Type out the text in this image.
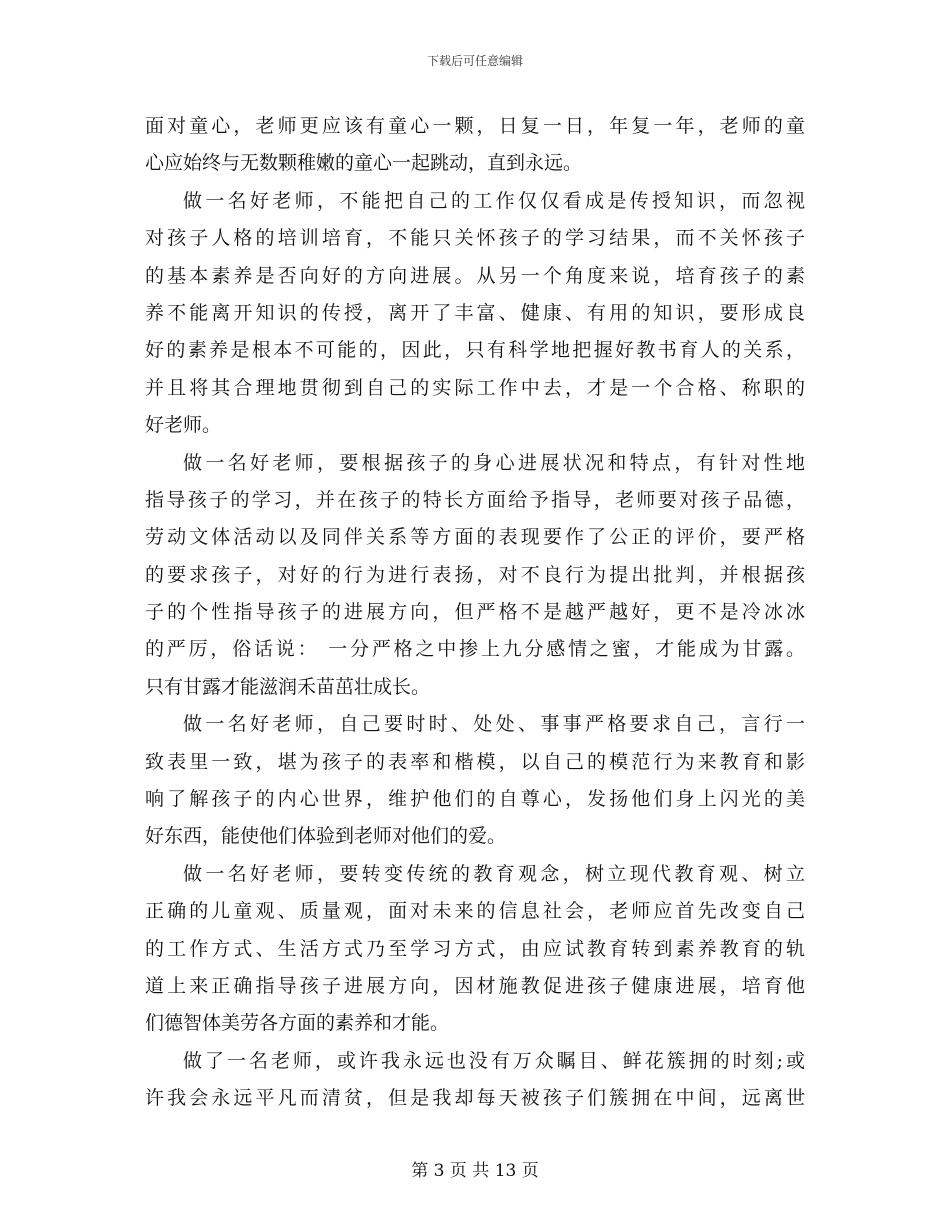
下载后可任意编辑
面对童心，老师更应该有童心一颗，日复一日，年复一年，老师的童
心应始终与无数颗稚嫩的童心一起跳动，直到永远。
做一名好老师，不能把自己的工作仅仅看成是传授知识，而忽视
对孩子人格的培训培育，不能只关怀孩子的学习结果，而不关怀孩子
的基本素养是否向好的方向进展。从另一个角度来说，培育孩子的素
养不能离开知识的传授，离开了丰富、健康、有用的知识，要形成良
好的素养是根本不可能的，因此，只有科学地把握好教书育人的关系，
并且将其合理地贯彻到自己的实际工作中去，才是一个合格、称职的
好老师。
做一名好老师，要根据孩子的身心进展状况和特点，有针对性地
指导孩子的学习，并在孩子的特长方面给予指导，老师要对孩子品德，
劳动文体活动以及同伴关系等方面的表现要作了公正的评价，要严格
的要求孩子，对好的行为进行表扬，对不良行为提出批判，并根据孩
子的个性指导孩子的进展方向，但严格不是越严越好，更不是冷冰冰
的严厉，俗话说： 一分严格之中掺上九分感情之蜜，才能成为甘露。
只有甘露才能滋润禾苗茁壮成长。
做一名好老师，自己要时时、处处、事事严格要求自己，言行一
致表里一致，堪为孩子的表率和楷模，以自己的模范行为来教育和影
响了解孩子的内心世界，维护他们的自尊心，发扬他们身上闪光的美
好东西，能使他们体验到老师对他们的爱。
做一名好老师，要转变传统的教育观念，树立现代教育观、树立
正确的儿童观、质量观，面对未来的信息社会，老师应首先改变自己
的工作方式、生活方式乃至学习方式，由应试教育转到素养教育的轨
道上来正确指导孩子进展方向，因材施教促进孩子健康进展，培育他
们德智体美劳各方面的素养和才能。
做了一名老师，或许我永远也没有万众瞩目、鲜花簇拥的时刻;或
许我会永远平凡而清贫，但是我却每天被孩子们簇拥在中间，远离世
第 3 页 共 13 页
